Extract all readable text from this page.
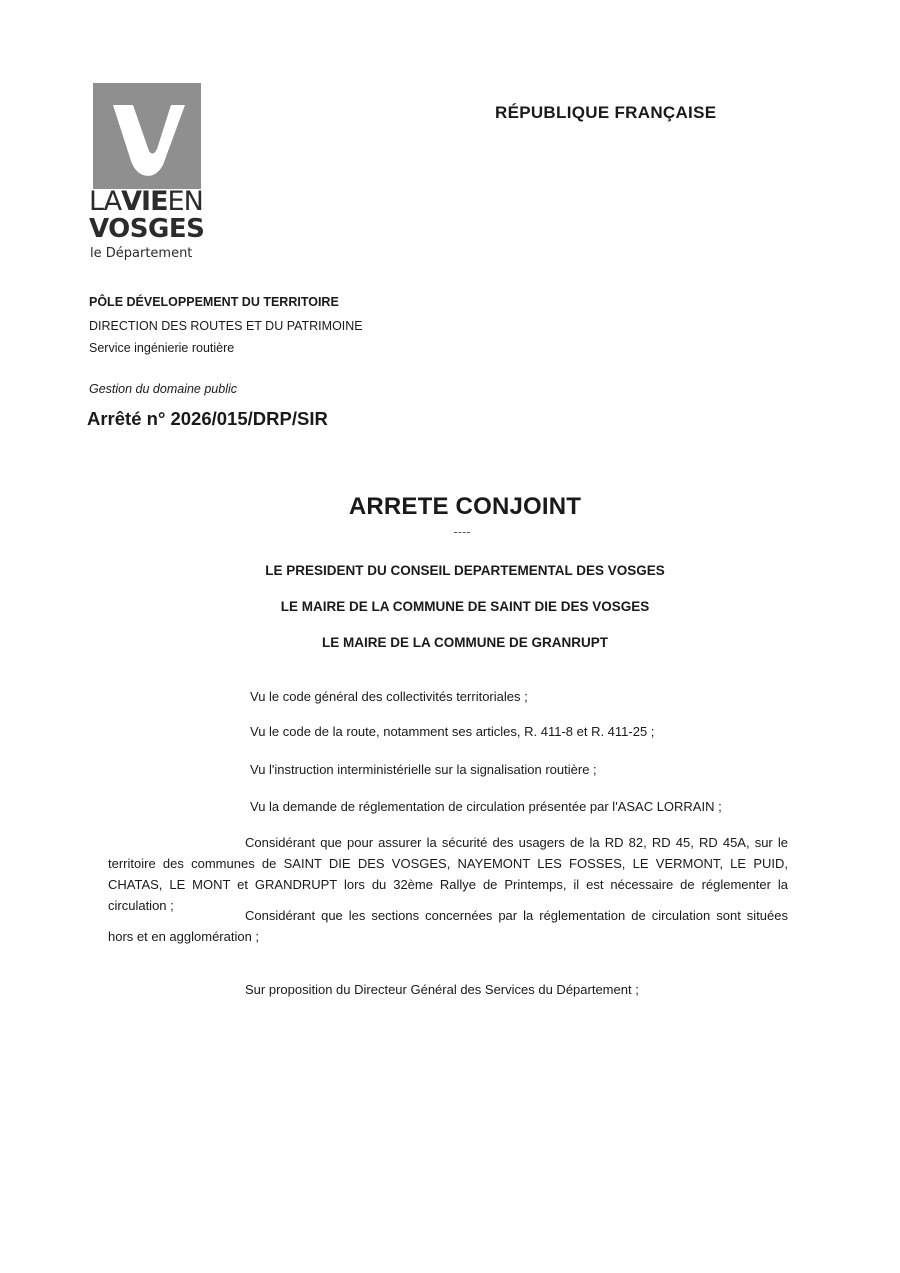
LAVIEEN
VOSGES
le Département
RÉPUBLIQUE FRANÇAISE
PÔLE DÉVELOPPEMENT DU TERRITOIRE
DIRECTION DES ROUTES ET DU PATRIMOINE
Service ingénierie routière
Gestion du domaine public
Arrêté n° 2026/015/DRP/SIR
ARRETE CONJOINT
LE PRESIDENT DU CONSEIL DEPARTEMENTAL DES VOSGES
LE MAIRE DE LA COMMUNE DE SAINT DIE DES VOSGES
LE MAIRE DE LA COMMUNE DE GRANRUPT
Vu le code général des collectivités territoriales ;
Vu le code de la route, notamment ses articles, R. 411-8 et R. 411-25 ;
Vu l'instruction interministérielle sur la signalisation routière ;
Vu la demande de réglementation de circulation présentée par l'ASAC LORRAIN ;
Considérant que pour assurer la sécurité des usagers de la RD 82, RD 45, RD 45A, sur le territoire des communes de SAINT DIE DES VOSGES, NAYEMONT LES FOSSES, LE VERMONT, LE PUID, CHATAS, LE MONT et GRANDRUPT lors du 32ème Rallye de Printemps, il est nécessaire de réglementer la circulation ;
Considérant que les sections concernées par la réglementation de circulation sont situées hors et en agglomération ;
Sur proposition du Directeur Général des Services du Département ;
